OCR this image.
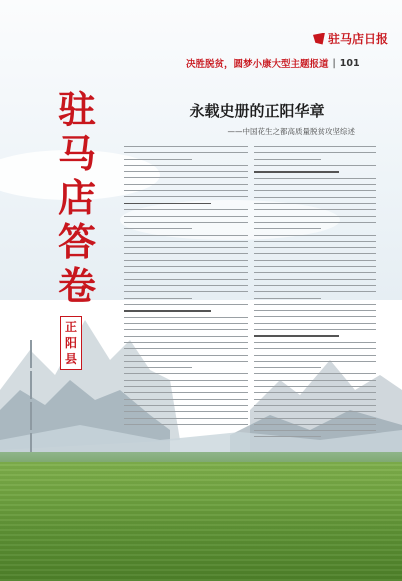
驻马店日报
决胜脱贫，圆梦小康大型主题报道 | 101
驻
马
店
答
卷
正
阳
县
永载史册的正阳华章
——中国花生之都高质量脱贫攻坚综述
